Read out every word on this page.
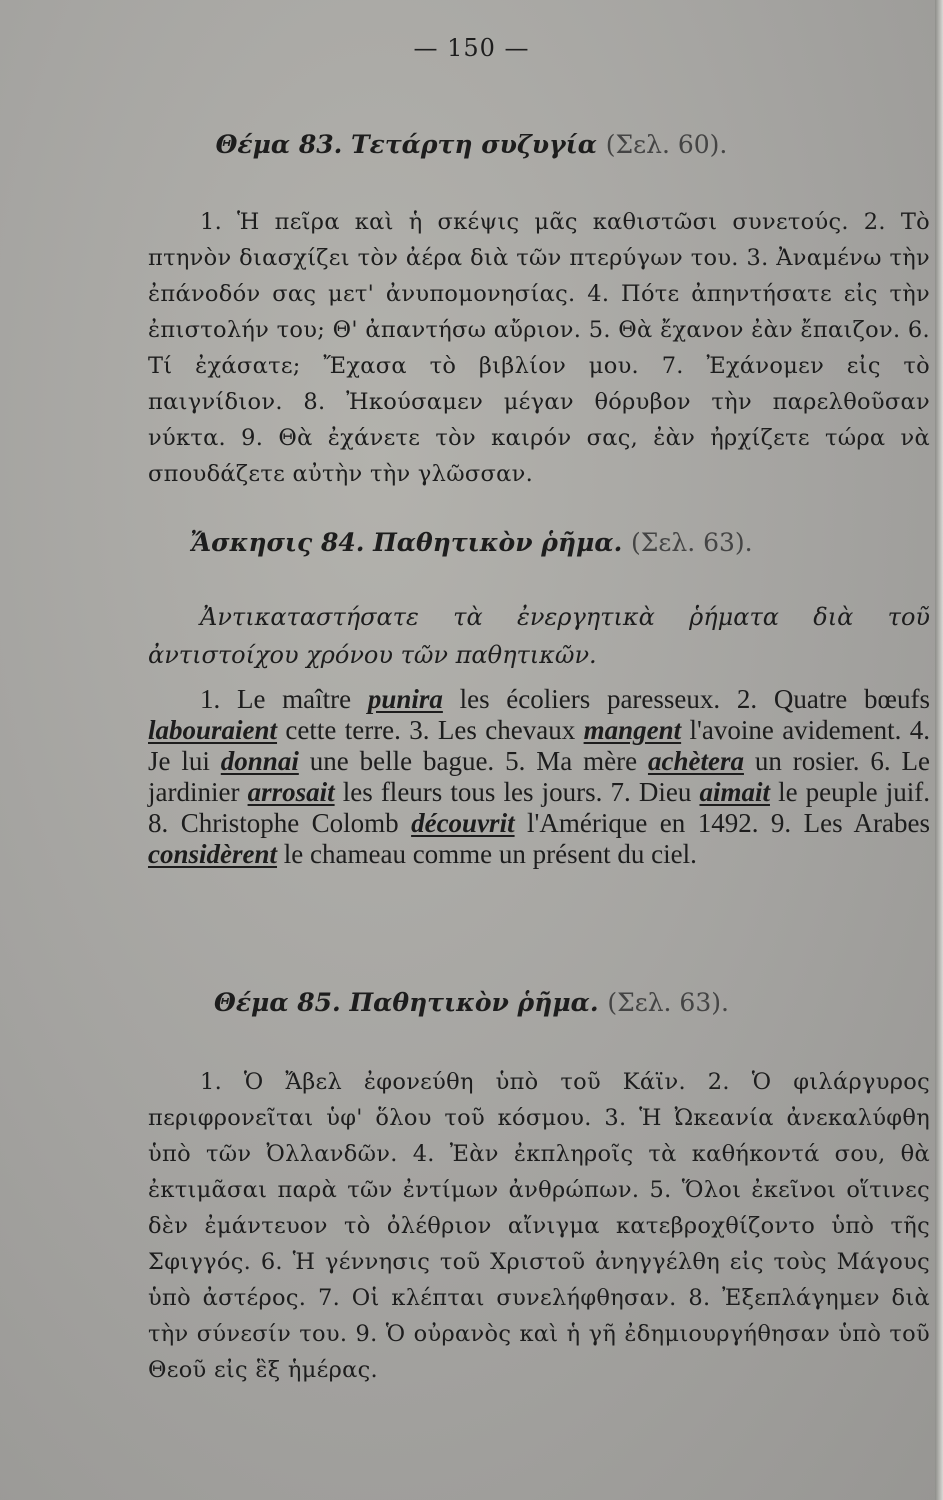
— 150 —
Θέμα 83. Τετάρτη συζυγία (Σελ. 60).

1. Ἡ πεῖρα καὶ ἡ σκέψις μᾶς καθιστῶσι συνετούς. 2. Τὸ πτηνὸν διασχίζει τὸν ἀέρα διὰ τῶν πτερύγων του. 3. Ἀναμένω τὴν ἐπάνοδόν σας μετ' ἀνυπομονησίας. 4. Πότε ἀπηντήσατε εἰς τὴν ἐπιστολήν του; Θ' ἀπαντήσω αὔριον. 5. Θὰ ἔχανον ἐὰν ἔπαιζον. 6. Τί ἐχάσατε; Ἔχασα τὸ βιβλίον μου. 7. Ἐχάνομεν εἰς τὸ παιγνίδιον. 8. Ἠκούσαμεν μέγαν θόρυβον τὴν παρελθοῦσαν νύκτα. 9. Θὰ ἐχάνετε τὸν καιρόν σας, ἐὰν ἠρχίζετε τώρα νὰ σπουδάζετε αὐτὴν τὴν γλῶσσαν.

Ἄσκησις 84. Παθητικὸν ῥῆμα. (Σελ. 63).

Ἀντικαταστήσατε τὰ ἐνεργητικὰ ῥήματα διὰ τοῦ ἀντιστοίχου χρόνου τῶν παθητικῶν.

1. Le maître punira les écoliers paresseux. 2. Quatre bœufs labouraient cette terre. 3. Les chevaux mangent l'avoine avidement. 4. Je lui donnai une belle bague. 5. Ma mère achètera un rosier. 6. Le jardinier arrosait les fleurs tous les jours. 7. Dieu aimait le peuple juif. 8. Christophe Colomb découvrit l'Amérique en 1492. 9. Les Arabes considèrent le chameau comme un présent du ciel.

Θέμα 85. Παθητικὸν ῥῆμα. (Σελ. 63).

1. Ὁ Ἄβελ ἐφονεύθη ὑπὸ τοῦ Κάϊν. 2. Ὁ φιλάργυρος περιφρονεῖται ὑφ' ὅλου τοῦ κόσμου. 3. Ἡ Ὠκεανία ἀνεκαλύφθη ὑπὸ τῶν Ὀλλανδῶν. 4. Ἐὰν ἐκπληροῖς τὰ καθήκοντά σου, θὰ ἐκτιμᾶσαι παρὰ τῶν ἐντίμων ἀνθρώπων. 5. Ὅλοι ἐκεῖνοι οἵτινες δὲν ἐμάντευον τὸ ὀλέθριον αἴνιγμα κατεβροχθίζοντο ὑπὸ τῆς Σφιγγός. 6. Ἡ γέννησις τοῦ Χριστοῦ ἀνηγγέλθη εἰς τοὺς Μάγους ὑπὸ ἀστέρος. 7. Οἱ κλέπται συνελήφθησαν. 8. Ἐξεπλάγημεν διὰ τὴν σύνεσίν του. 9. Ὁ οὐρανὸς καὶ ἡ γῆ ἐδημιουργήθησαν ὑπὸ τοῦ Θεοῦ εἰς ἓξ ἡμέρας.
